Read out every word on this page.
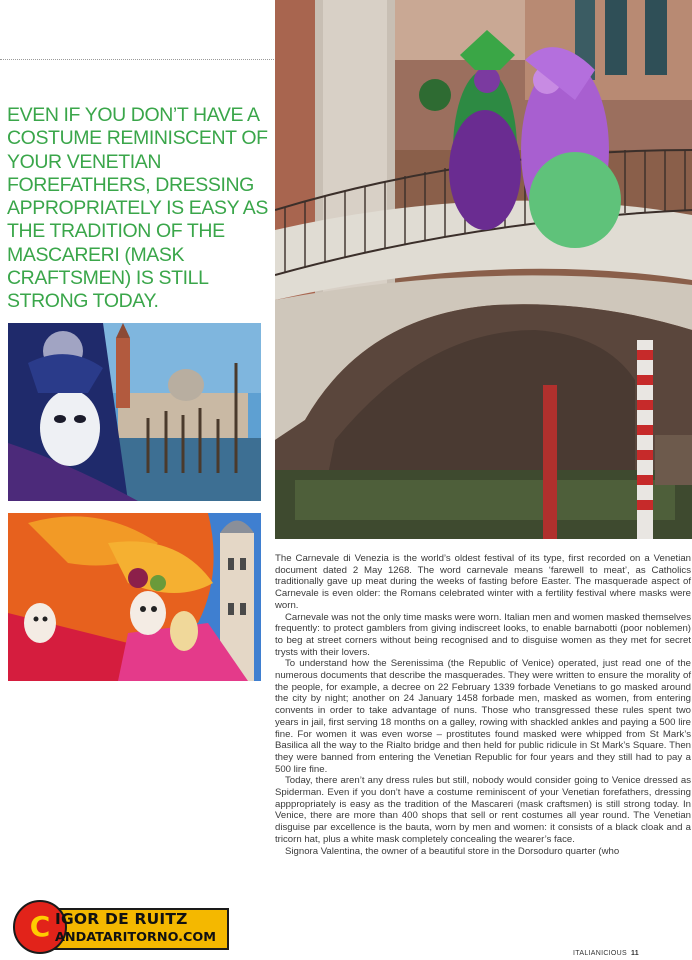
EVEN IF YOU DON’T HAVE A COSTUME REMINISCENT OF YOUR VENETIAN FOREFATHERS, DRESSING APPROPRIATELY IS EASY AS THE TRADITION OF THE MASCARERI (MASK CRAFTSMEN) IS STILL STRONG TODAY.

The Carnevale di Venezia is the world’s oldest festival of its type, first recorded on a Venetian document dated 2 May 1268. The word carnevale means ‘farewell to meat’, as Catholics traditionally gave up meat during the weeks of fasting before Easter. The masquerade aspect of Carnevale is even older: the Romans celebrated winter with a fertility festival where masks were worn.

Carnevale was not the only time masks were worn. Italian men and women masked themselves frequently: to protect gamblers from giving indiscreet looks, to enable barnabotti (poor noblemen) to beg at street corners without being recognised and to disguise women as they met for secret trysts with their lovers.

To understand how the Serenissima (the Republic of Venice) operated, just read one of the numerous documents that describe the masquerades. They were written to ensure the morality of the people, for example, a decree on 22 February 1339 forbade Venetians to go masked around the city by night; another on 24 January 1458 forbade men, masked as women, from entering convents in order to take advantage of nuns. Those who transgressed these rules spent two years in jail, first serving 18 months on a galley, rowing with shackled ankles and paying a 500 lire fine. For women it was even worse – prostitutes found masked were whipped from St Mark’s Basilica all the way to the Rialto bridge and then held for public ridicule in St Mark’s Square. Then they were banned from entering the Venetian Republic for four years and they still had to pay a 500 lire fine.

Today, there aren’t any dress rules but still, nobody would consider going to Venice dressed as Spiderman. Even if you don’t have a costume reminiscent of your Venetian forefathers, dressing apppropriately is easy as the tradition of the Mascareri (mask craftsmen) is still strong today. In Venice, there are more than 400 shops that sell or rent costumes all year round. The Venetian disguise par excellence is the bauta, worn by men and women: it consists of a black cloak and a tricorn hat, plus a white mask completely concealing the wearer’s face.

Signora Valentina, the owner of a beautiful store in the Dorsoduro quarter (who

C IGOR DE RUITZ
ANDATARITORNO.COM
ITALIANICIOUS 11
